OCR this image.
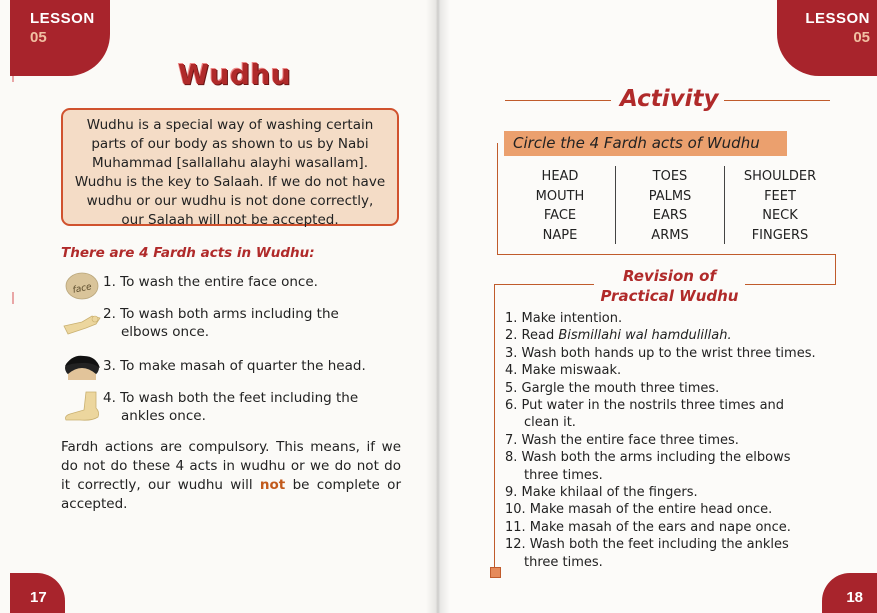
LESSON
05
Wudhu
Wudhu is a special way of washing certain
parts of our body as shown to us by Nabi
Muhammad [sallallahu alayhi wasallam].
Wudhu is the key to Salaah. If we do not have
wudhu or our wudhu is not done correctly,
our Salaah will not be accepted.
There are 4 Fardh acts in Wudhu:
face 1. To wash the entire face once.
2. To wash both arms including the
elbows once.
3. To make masah of quarter the head.
4. To wash both the feet including the
ankles once.
Fardh actions are compulsory. This means, if we do not do these 4 acts in wudhu or we do not do it correctly, our wudhu will not be complete or accepted.
17
LESSON
05
18
Activity
Circle the 4 Fardh acts of Wudhu
HEAD
MOUTH
FACE
NAPE
TOES
PALMS
EARS
ARMS
SHOULDER
FEET
NECK
FINGERS
Revision of
Practical Wudhu
1. Make intention.
2. Read Bismillahi wal hamdulillah.
3. Wash both hands up to the wrist three times.
4. Make miswaak.
5. Gargle the mouth three times.
6. Put water in the nostrils three times and
clean it.
7. Wash the entire face three times.
8. Wash both the arms including the elbows
three times.
9. Make khilaal of the fingers.
10. Make masah of the entire head once.
11. Make masah of the ears and nape once.
12. Wash both the feet including the ankles
three times.
